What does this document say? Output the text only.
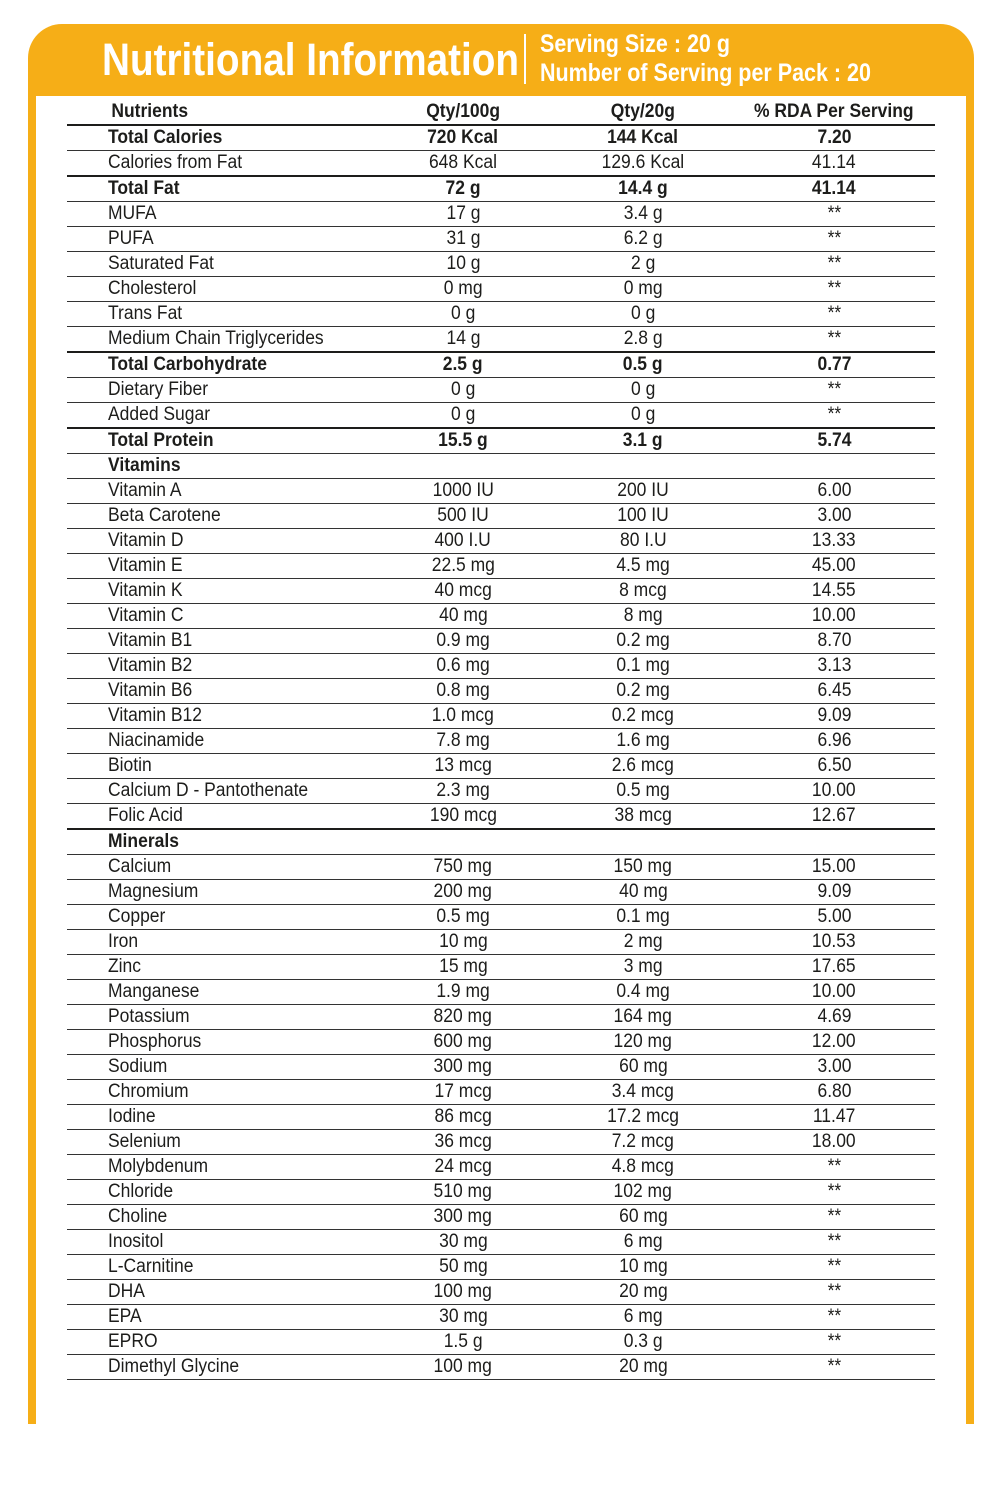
Nutritional Information Serving Size : 20 g
Number of Serving per Pack : 20
Nutrients	Qty/100g	Qty/20g	% RDA Per Serving
Total Calories	720 Kcal	144 Kcal	7.20
Calories from Fat	648 Kcal	129.6 Kcal	41.14
Total Fat	72 g	14.4 g	41.14
MUFA	17 g	3.4 g	**
PUFA	31 g	6.2 g	**
Saturated Fat	10 g	2 g	**
Cholesterol	0 mg	0 mg	**
Trans Fat	0 g	0 g	**
Medium Chain Triglycerides	14 g	2.8 g	**
Total Carbohydrate	2.5 g	0.5 g	0.77
Dietary Fiber	0 g	0 g	**
Added Sugar	0 g	0 g	**
Total Protein	15.5 g	3.1 g	5.74
Vitamins			
Vitamin A	1000 IU	200 IU	6.00
Beta Carotene	500 IU	100 IU	3.00
Vitamin D	400 I.U	80 I.U	13.33
Vitamin E	22.5 mg	4.5 mg	45.00
Vitamin K	40 mcg	8 mcg	14.55
Vitamin C	40 mg	8 mg	10.00
Vitamin B1	0.9 mg	0.2 mg	8.70
Vitamin B2	0.6 mg	0.1 mg	3.13
Vitamin B6	0.8 mg	0.2 mg	6.45
Vitamin B12	1.0 mcg	0.2 mcg	9.09
Niacinamide	7.8 mg	1.6 mg	6.96
Biotin	13 mcg	2.6 mcg	6.50
Calcium D - Pantothenate	2.3 mg	0.5 mg	10.00
Folic Acid	190 mcg	38 mcg	12.67
Minerals			
Calcium	750 mg	150 mg	15.00
Magnesium	200 mg	40 mg	9.09
Copper	0.5 mg	0.1 mg	5.00
Iron	10 mg	2 mg	10.53
Zinc	15 mg	3 mg	17.65
Manganese	1.9 mg	0.4 mg	10.00
Potassium	820 mg	164 mg	4.69
Phosphorus	600 mg	120 mg	12.00
Sodium	300 mg	60 mg	3.00
Chromium	17 mcg	3.4 mcg	6.80
Iodine	86 mcg	17.2 mcg	11.47
Selenium	36 mcg	7.2 mcg	18.00
Molybdenum	24 mcg	4.8 mcg	**
Chloride	510 mg	102 mg	**
Choline	300 mg	60 mg	**
Inositol	30 mg	6 mg	**
L-Carnitine	50 mg	10 mg	**
DHA	100 mg	20 mg	**
EPA	30 mg	6 mg	**
EPRO	1.5 g	0.3 g	**
Dimethyl Glycine	100 mg	20 mg	**
